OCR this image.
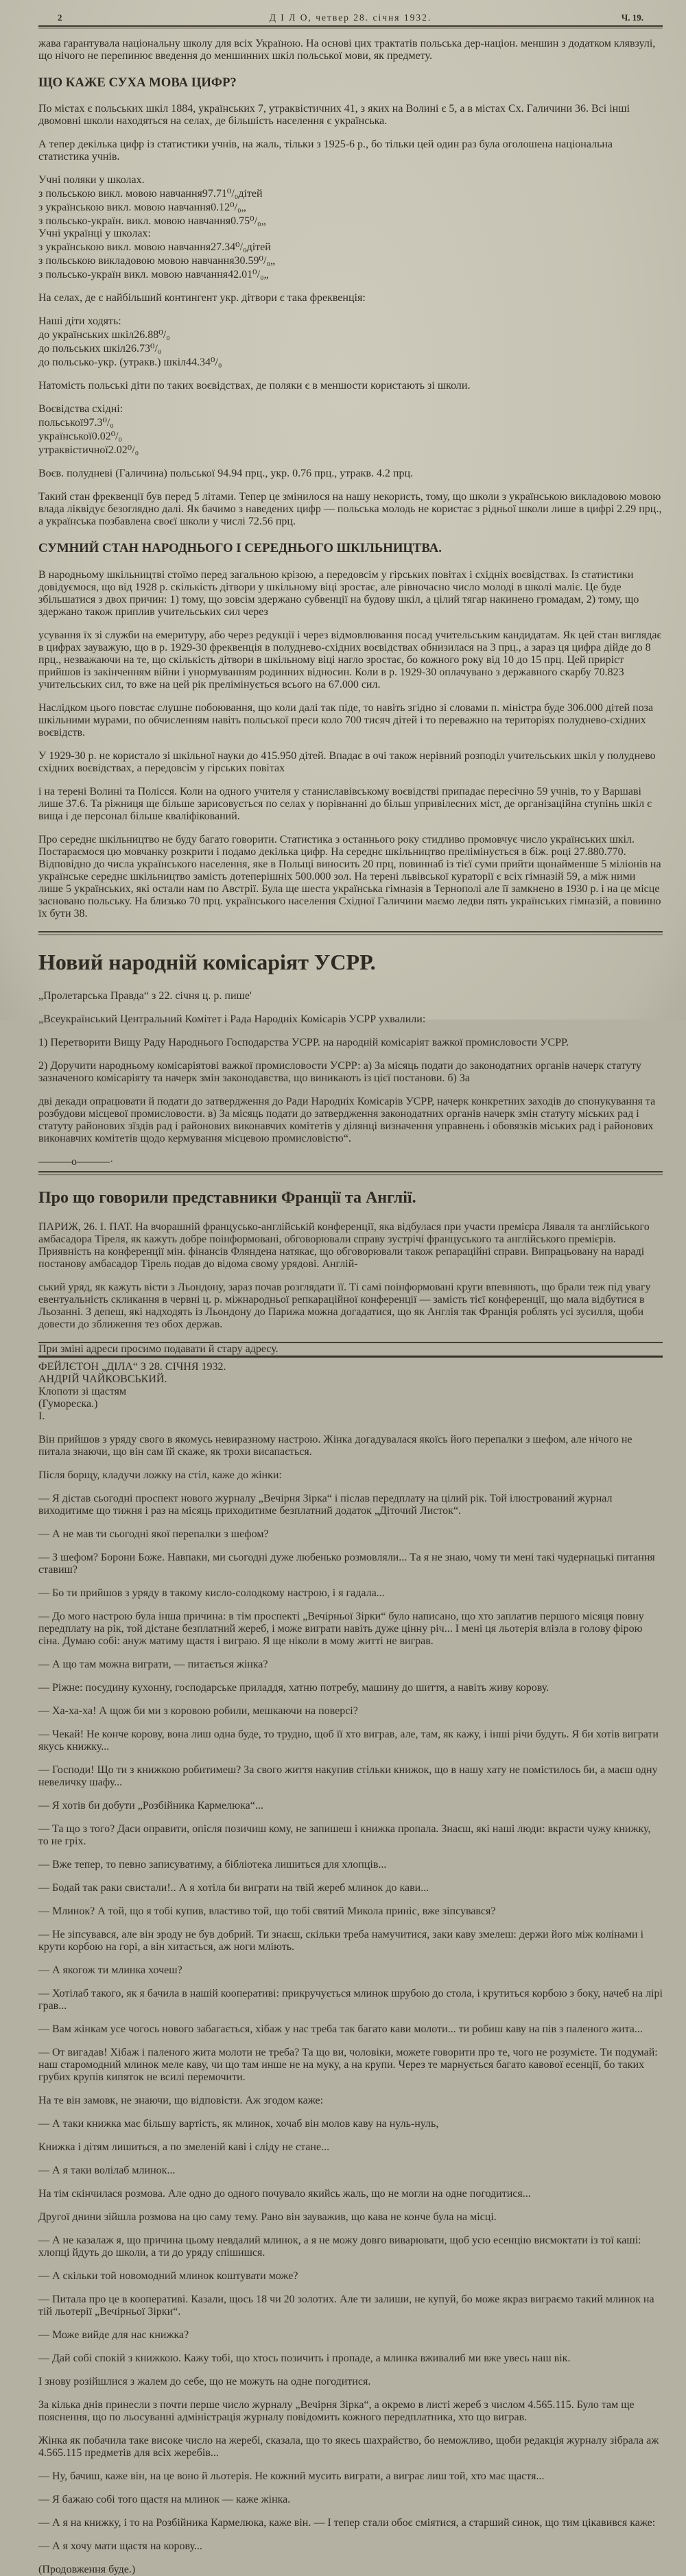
2	Д І Л О, четвер 28. січня 1932.	Ч. 19.

жава гарантувала національну школу для всіх Україною. На основі цих трактатів польська дер-націон. меншин з додатком клявзулі, що нічого не перепинює введення до меншинних шкіл польської мови, як предмету.

ЩО КАЖЕ СУХА МОВА ЦИФР?

По містах є польських шкіл 1884, українських 7, утраквістичних 41, з яких на Волині є 5, а в містах Сх. Галичини 36. Всі інші двомовні школи находяться на селах, де більшість населення є українська.

А тепер декілька цифр із статистики учнів, на жаль, тільки з 1925-6 р., бо тільки цей один раз була оголошена національна статистика учнів.

Учні поляки у школах.
з польською викл. мовою навчання97.71⁰/₀дітей
з українською викл. мовою навчання0.12⁰/₀„
з польсько-україн. викл. мовою навчання0.75⁰/₀„
Учні українці у школах:
з українською викл. мовою навчання27.34⁰/₀дітей
з польською викладовою мовою навчання30.59⁰/₀„
з польсько-україн викл. мовою навчання42.01⁰/₀„

На селах, де є найбільший контингент укр. дітвори є така фреквенція:

Наші діти ходять:
до українських шкіл26.88⁰/₀
до польських шкіл26.73⁰/₀
до польсько-укр. (утракв.) шкіл44.34⁰/₀

Натомість польські діти по таких воєвідствах, де поляки є в меншости користають зі школи.

Воєвідства східні:
польської97.3⁰/₀
української0.02⁰/₀
утраквістичної2.02⁰/₀

Воєв. полудневі (Галичина) польської 94.94 прц., укр. 0.76 прц., утракв. 4.2 прц.

Такий стан фреквенції був перед 5 літами. Тепер це змінилося на нашу некористь, тому, що школи з українською викладовою мовою влада ліквідує безоглядно далі. Як бачимо з наведених цифр — польська молодь не користає з рідньої школи лише в цифрі 2.29 прц., а українська позбавлена своєї школи у числі 72.56 прц.

СУМНИЙ СТАН НАРОДНЬОГО І СЕРЕДНЬОГО ШКІЛЬНИЦТВА.

В народньому шкільництві стоїмо перед загальною крізою, а передовсім у гірських повітах і східніх воєвідствах. Із статистики довідуємося, що від 1928 р. скількість дітвори у шкільному віці зростає, але рівночасно число молоді в школі маліє. Це буде збільшатися з двох причин: 1) тому, що зовсім здержано субвенції на будову шкіл, а цілий тягар накинено громадам, 2) тому, що здержано також приплив учительських сил через

усування їх зі служби на емеритуру, або через редукції і через відмовлювання посад учительським кандидатам. Як цей стан виглядає в цифрах зауважую, що в р. 1929-30 фреквенція в полуднево-східних воєвідствах обнизилася на 3 прц., а зараз ця цифра дійде до 8 прц., незважаючи на те, що скількість дітвори в шкільному віці нагло зростає, бо кожного року від 10 до 15 прц. Цей приріст прийшов із закінченням війни і унормуванням родинних відносин. Коли в р. 1929-30 оплачувано з державного скарбу 70.823 учительських сил, то вже на цей рік прелімінується всього на 67.000 сил.

Наслідком цього повстає слушне побоювання, що коли далі так піде, то навіть згідно зі словами п. міністра буде 306.000 дітей поза шкільними мурами, по обчисленням навіть польської преси коло 700 тисяч дітей і то переважно на територіях полуднево-східних воєвідств.

У 1929-30 р. не користало зі шкільної науки до 415.950 дітей. Впадає в очі також нерівний розподіл учительських шкіл у полуднево східних воєвідствах, а передовсім у гірських повітах

і на терені Волині та Полісся. Коли на одного учителя у станиславівському воєвідстві припадає пересічно 59 учнів, то у Варшаві лише 37.6. Та ріжниця ще більше зарисовується по селах у порівнанні до більш упривілеєних міст, де організаційна ступінь шкіл є вища і де персонал більше кваліфікований.

Про середнє шкільництво не буду багато говорити. Статистика з останнього року стидливо промовчує число українських шкіл. Постараємося цю мовчанку розкрити і подамо декілька цифр. На середнє шкільництво прелімінується в біж. році 27.880.770. Відповідно до числа українського населення, яке в Польщі виносить 20 прц, повиннаб із тієї суми прийти щонайменше 5 міліонів на українське середнє шкільництво замість дотеперішніх 500.000 зол. На терені львівської кураторії є всіх гімназій 59, а між ними лише 5 українських, які остали нам по Австрії. Була ще шеста українська гімназія в Тернополі але її замкнено в 1930 р. і на це місце засновано польську. На близько 70 прц. українського населення Східної Галичини маємо ледви пять українських гімназій, а повинно їх бути 38.

Новий народній комісаріят УСРР.

„Пролетарська Правда“ з 22. січня ц. р. пише'

„Всеукраїнський Центральний Комітет і Рада Народніх Комісарів УСРР ухвалили:

1) Перетворити Вищу Раду Народнього Господарства УСРР. на народній комісаріят важкої промисловости УСРР.

2) Доручити народньому комісаріятові важкої промисловости УСРР: а) За місяць подати до законодатних органів начерк статуту зазначеного комісаріяту та начерк змін законодавства, що виникають із цієї постанови. б) За

дві декади опрацювати й подати до затвердження до Ради Народніх Комісарів УСРР, начерк конкретних заходів до спонукування та розбудови місцевої промисловости. в) За місяць подати до затвердження законодатних органів начерк змін статуту міських рад і статуту районових зїздів рад і районових виконавчих комітетів у ділянці визначення управнень і обовязків міських рад і районових виконавчих комітетів щодо кермування місцевою промисловістю“.

———о———·
Про що говорили представники Франції та Англії.

ПАРИЖ, 26. І. ПАТ. На вчорашній францусько-англійській конференції, яка відбулася при участи премієра Ляваля та англійського амбасадора Тіреля, як кажуть добре поінформовані, обговорювали справу зустрічі француського та англійського премієрів. Приявність на конференції мін. фінансів Фляндена натякає, що обговорювали також репараційні справи. Випрацьовану на нараді постанову амбасадор Тірель подав до відома свому урядові. Англій-

ський уряд, як кажуть вісти з Льондону, зараз почав розглядати її. Ті самі поінформовані круги впевняють, що брали теж під увагу евентуальність скликання в червні ц. р. міжнародньої репкараційної конференції — замість тієї конференції, що мала відбутися в Льозанні. З депеш, які надходять із Льондону до Парижа можна догадатися, що як Англія так Франція роблять усі зусилля, щоби довести до зближення тез обох держав.

При зміні адреси просимо подавати й стару адресу.
ФЕЙЛЄТОН „ДІЛА“ З 28. СІЧНЯ 1932.
АНДРІЙ ЧАЙКОВСЬКИЙ.
Клопоти зі щастям
(Гумореска.)
І.

Він прийшов з уряду свого в якомусь невиразному настрою. Жінка догадувалася якоїсь його перепалки з шефом, але нічого не питала знаючи, що він сам їй скаже, як трохи висапається.

Після борщу, кладучи ложку на стіл, каже до жінки:

— Я дістав сьогодні проспект нового журналу „Вечірня Зірка“ і післав передплату на цілий рік. Той ілюстрований журнал виходитиме що тижня і раз на місяць приходитиме безплатний додаток „Діточий Листок“.

— А не мав ти сьогодні якої перепалки з шефом?

— З шефом? Борони Боже. Навпаки, ми сьогодні дуже любенько розмовляли... Та я не знаю, чому ти мені такі чудернацькі питання ставиш?

— Бо ти прийшов з уряду в такому кисло-солодкому настрою, і я гадала...

— До мого настрою була інша причина: в тім проспекті „Вечірньої Зірки“ було написано, що хто заплатив першого місяця повну передплату на рік, той дістане безплатний жереб, і може виграти навіть дуже цінну річ... І мені ця льотерія влізла в голову фірою сіна. Думаю собі: ануж матиму щастя і виграю. Я ще ніколи в мому житті не виграв.

— А що там можна виграти, — питається жінка?

— Ріжне: посудину кухонну, господарське приладдя, хатню потребу, машину до шиття, а навіть живу корову.

— Ха-ха-ха! А щож би ми з коровою робили, мешкаючи на поверсі?

— Чекай! Не конче корову, вона лиш одна буде, то трудно, щоб її хто виграв, але, там, як кажу, і інші річи будуть. Я би хотів виграти якусь книжку...

— Господи! Що ти з книжкою робитимеш? За свого життя накупив стільки книжок, що в нашу хату не помістилось би, а маєш одну невеличку шафу...

— Я хотів би добути „Розбійника Кармелюка“...

— Та що з того? Даси оправити, опісля позичиш кому, не запишеш і книжка пропала. Знаєш, які наші люди: вкрасти чужу книжку, то не гріх.

— Вже тепер, то певно записуватиму, а бібліотека лишиться для хлопців...

— Бодай так раки свистали!.. А я хотіла би виграти на твій жереб млинок до кави...

— Млинок? А той, що я тобі купив, властиво той, що тобі святий Микола приніс, вже зіпсувався?

— Не зіпсувався, але він зроду не був добрий. Ти знаєш, скільки треба намучитися, заки каву змелеш: держи його між колінами і крути корбою на горі, а він хитається, аж ноги мліють.

— А якогож ти млинка хочеш?

— Хотілаб такого, як я бачила в нашій кооперативі: прикручується млинок шрубою до стола, і крутиться корбою з боку, начеб на лірі грав...

— Вам жінкам усе чогось нового забагається, хібаж у нас треба так багато кави молоти... ти робиш каву на пів з паленого жита...

— От вигадав! Хібаж і паленого жита молоти не треба? Та що ви, чоловіки, можете говорити про те, чого не розумієте. Ти подумай: наш старомодний млинок меле каву, чи що там инше не на муку, а на крупи. Через те марнується багато кавової есенції, бо таких грубих крупів кипяток не всилі перемочити.

На те він замовк, не знаючи, що відповісти. Аж згодом каже:

— А таки книжка має більшу вартість, як млинок, хочаб він молов каву на нуль-нуль,

Книжка і дітям лишиться, а по змеленій каві і сліду не стане...

— А я таки волілаб млинок...

На тім скінчилася розмова. Але одно до одного почувало якийсь жаль, що не могли на одне погодитися...

Другої днини зійшла розмова на цю саму тему. Рано він зауважив, що кава не конче була на місці.

— А не казалаж я, що причина цьому невдалий млинок, а я не можу довго виварювати, щоб усю есенцію висмоктати із тої каші: хлопці йдуть до школи, а ти до уряду спішишся.

— А скільки той новомодний млинок коштувати може?

— Питала про це в кооперативі. Казали, щось 18 чи 20 золотих. Але ти залиши, не купуй, бо може якраз виграємо такий млинок на тій льотерії „Вечірньої Зірки“.

— Може вийде для нас книжка?

— Дай собі спокій з книжкою. Кажу тобі, що хтось позичить і пропаде, а млинка вживалиб ми вже увесь наш вік.

І знову розійшлися з жалем до себе, що не можуть на одне погодитися.

За кілька днів принесли з почти перше число журналу „Вечірня Зірка“, а окремо в листі жереб з числом 4.565.115. Було там ще пояснення, що по льосуванні адміністрація журналу повідомить кожного передплатника, хто що виграв.

Жінка як побачила таке високе число на жеребі, сказала, що то якесь шахрайство, бо неможливо, щоби редакція журналу зібрала аж 4.565.115 предметів для всіх жеребів...

— Ну, бачиш, каже він, на це воно й льотерія. Не кожний мусить виграти, а виграє лиш той, хто має щастя...

— Я бажаю собі того щастя на млинок — каже жінка.

— А я на книжку, і то на Розбійника Кармелюка, каже він. — І тепер стали обоє сміятися, а старший синок, що тим цікавився каже:

— А я хочу мати щастя на корову...

(Продовження буде.)
